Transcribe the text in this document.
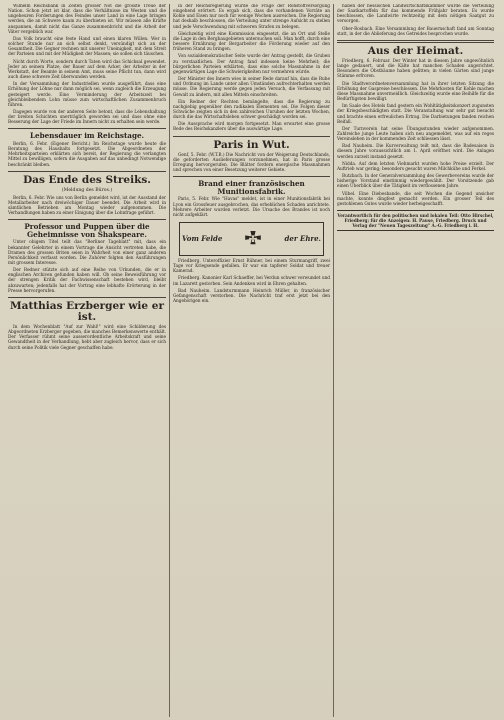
Wilhelm Reichsbank in Zeiten grosser Not die grösste Treue der Nation. Schon jetzt ist klar, dass die Verhältnisse im Westen und die ungeheuren Forderungen des Feindes unser Land in eine Lage bringen werden, die an Schwere kaum zu überbieten ist. Wir müssen alle Kräfte anspannen, damit nicht das Ganze zusammenbricht und die Arbeit der Väter vergeblich war.

Das Volk braucht eine feste Hand und einen klaren Willen. Wer in solcher Stunde nur an sich selbst denkt, versündigt sich an der Gesamtheit. Die Gegner rechnen mit unserer Uneinigkeit, mit dem Streit der Parteien und mit der Müdigkeit der Massen; sie sollen sich täuschen.

Nicht durch Worte, sondern durch Taten wird das Schicksal gewendet. Jeder an seinem Platze, der Bauer auf dem Acker, der Arbeiter in der Werkstatt, der Beamte in seinem Amt, muss seine Pflicht tun, dann wird auch diese schwere Zeit überwunden werden.

In der Versammlung der Industriellen wurde ausgeführt, dass eine Erhöhung der Löhne nur dann möglich sei, wenn zugleich die Erzeugung gesteigert werde. Eine Verminderung der Arbeitszeit bei gleichbleibendem Lohn müsse zum wirtschaftlichen Zusammenbruch führen.

Dagegen wurde von der anderen Seite betont, dass die Lebenshaltung der breiten Schichten unerträglich geworden sei und dass ohne eine Besserung der Lage der Friede im Innern nicht zu erhalten sein werde.

Lebensdauer im Reichstage.

Berlin, 6. Febr. (Eigener Bericht.) Im Reichstage wurde heute die Beratung des Haushalts fortgesetzt. Die Abgeordneten der Mehrheitsparteien erklärten sich bereit, der Regierung die verlangten Mittel zu bewilligen, sofern die Ausgaben auf das unbedingt Notwendige beschränkt bleiben.

Das Ende des Streiks.
(Meldung des Büros.)

Berlin, 6. Febr. Wie uns von Berlin gemeldet wird, ist der Ausstand der Metallarbeiter nach dreiwöchiger Dauer beendet. Die Arbeit wird in sämtlichen Betrieben am Montag wieder aufgenommen. Die Verhandlungen haben zu einer Einigung über die Lohnfrage geführt.

Professor und Puppen über die Geheimnisse von Shakspeare.

Unter obigem Titel teilt das "Berliner Tageblatt" mit, dass ein bekannter Gelehrter in einem Vortrage die Ansicht vertreten habe, die Dramen des grossen Briten seien in Wahrheit von einer ganz anderen Persönlichkeit verfasst worden. Die Zuhörer folgten den Ausführungen mit grossem Interesse.

Der Redner stützte sich auf eine Reihe von Urkunden, die er in englischen Archiven gefunden haben will. Ob seine Beweisführung vor der strengen Kritik der Fachwissenschaft bestehen wird, bleibt abzuwarten; jedenfalls hat der Vortrag eine lebhafte Erörterung in der Presse hervorgerufen.

Matthias Erzberger wie er ist.

In dem Wochenblatt "Auf zur Wahl!" wird eine Schilderung des Abgeordneten Erzberger gegeben, die manches Bemerkenswerte enthält. Der Verfasser rühmt seine ausserordentliche Arbeitskraft und seine Gewandtheit in der Verhandlung, hebt aber zugleich hervor, dass er sich durch seine Politik viele Gegner geschaffen habe.

in der Reichsregierung wurde die Frage der Rohstoffversorgung eingehend erörtert. Es ergab sich, dass die vorhandenen Vorräte an Kohle und Eisen nur noch für wenige Wochen ausreichen. Die Regierung hat deshalb beschlossen, die Verteilung unter strenge Aufsicht zu stellen und jede Verschwendung mit schweren Strafen zu belegen.

Gleichzeitig wird eine Kommission eingesetzt, die an Ort und Stelle die Lage in den Bergbaugebieten untersuchen soll. Man hofft, durch eine bessere Ernährung der Bergarbeiter die Förderung wieder auf den früheren Stand zu bringen.

Von sozialdemokratischer Seite wurde der Antrag gestellt, die Gruben zu verstaatlichen. Der Antrag fand indessen keine Mehrheit; die bürgerlichen Parteien erklärten, dass eine solche Massnahme in der gegenwärtigen Lage die Schwierigkeiten nur vermehren würde.

Der Minister des Innern wies in seiner Rede darauf hin, dass die Ruhe und Ordnung im Lande unter allen Umständen aufrechterhalten werden müsse. Die Regierung werde gegen jeden Versuch, die Verfassung mit Gewalt zu ändern, mit allen Mitteln einschreiten.

Ein Redner der Rechten bemängelte, dass die Regierung zu nachgiebig gegenüber den radikalen Elementen sei. Die Folgen dieser Schwäche zeigten sich in den zahlreichen Unruhen der letzten Wochen, durch die das Wirtschaftsleben schwer geschädigt worden sei.

Die Aussprache wird morgen fortgesetzt. Man erwartet eine grosse Rede des Reichskanzlers über die auswärtige Lage.

Paris in Wut.

Genf, 5. Febr. (W.T.B.) Die Nachricht von der Weigerung Deutschlands, die geforderten Auslieferungen vorzunehmen, hat in Paris grosse Erregung hervorgerufen. Die Blätter fordern energische Massnahmen und sprechen von einer Besetzung weiterer Gebiete.

Brand einer französischen Munitionsfabrik.

Paris, 5. Febr. Wie "Havas" meldet, ist in einer Munitionsfabrik bei Lyon ein Grossfeuer ausgebrochen, das erheblichen Schaden anrichtete. Mehrere Arbeiter wurden verletzt. Die Ursache des Brandes ist noch nicht aufgeklärt.

Vom Felde	der Ehre.

Friedberg. Unteroffizier Ernst Rühner, bei einem Sturmangriff, zwei Tage vor Kriegsende gefallen. Er war ein tapferer Soldat und treuer Kamerad.

Friedberg. Kanonier Karl Schaeffer, bei Verdun schwer verwundet und im Lazarett gestorben. Sein Andenken wird in Ehren gehalten.

Bad Nauheim. Landsturmmann Heinrich Müller, in französischer Gefangenschaft verstorben. Die Nachricht traf erst jetzt bei den Angehörigen ein.

haben der hessischen Landwirtschaftskammer wurde die Verteilung der Saatkartoffeln für das kommende Frühjahr beraten. Es wurde beschlossen, die Landwirte rechtzeitig mit dem nötigen Saatgut zu versorgen.

Ober-Rosbach. Eine Versammlung der Bauernschaft fand am Sonntag statt, in der die Ablieferung des Getreides besprochen wurde.

Aus der Heimat.

Friedberg, 6. Februar. Der Winter hat in diesem Jahre ungewöhnlich lange gedauert, und die Kälte hat manchen Schaden angerichtet. Besonders die Obstbäume haben gelitten; in vielen Gärten sind junge Stämme erfroren.

Die Stadtverordnetenversammlung hat in ihrer letzten Sitzung die Erhöhung der Gaspreise beschlossen. Die Mehrkosten für Kohle machen diese Massnahme unvermeidlich. Gleichzeitig wurde eine Beihilfe für die Bedürftigsten bewilligt.

Im Saale des Hotels fand gestern ein Wohltätigkeitskonzert zugunsten der Kriegsbeschädigten statt. Die Veranstaltung war sehr gut besucht und brachte einen erfreulichen Ertrag. Die Darbietungen fanden reichen Beifall.

Der Turnverein hat seine Übungsstunden wieder aufgenommen. Zahlreiche junge Leute haben sich neu angemeldet, was auf ein reges Vereinsleben in der kommenden Zeit schliessen lässt.

Bad Nauheim. Die Kurverwaltung teilt mit, dass die Badesaison in diesem Jahre voraussichtlich am 1. April eröffnet wird. Die Anlagen werden zurzeit instand gesetzt.

Nidda. Auf dem letzten Viehmarkt wurden hohe Preise erzielt. Der Auftrieb war gering; besonders gesucht waren Milchkühe und Ferkel.

Butzbach. In der Generalversammlung des Gewerbevereins wurde der bisherige Vorstand einstimmig wiedergewählt. Der Vorsitzende gab einen Überblick über die Tätigkeit im verflossenen Jahre.

Vilbel. Eine Diebesbande, die seit Wochen die Gegend unsicher machte, konnte dingfest gemacht werden. Ein grosser Teil des gestohlenen Gutes wurde wieder herbeigeschafft.

Verantwortlich für den politischen und lokalen Teil: Otto Hirschel, Friedberg; für die Anzeigen: H. Pause, Friedberg. Druck und Verlag der "Neuen Tageszeitung" A.-G. Friedberg i. H.
